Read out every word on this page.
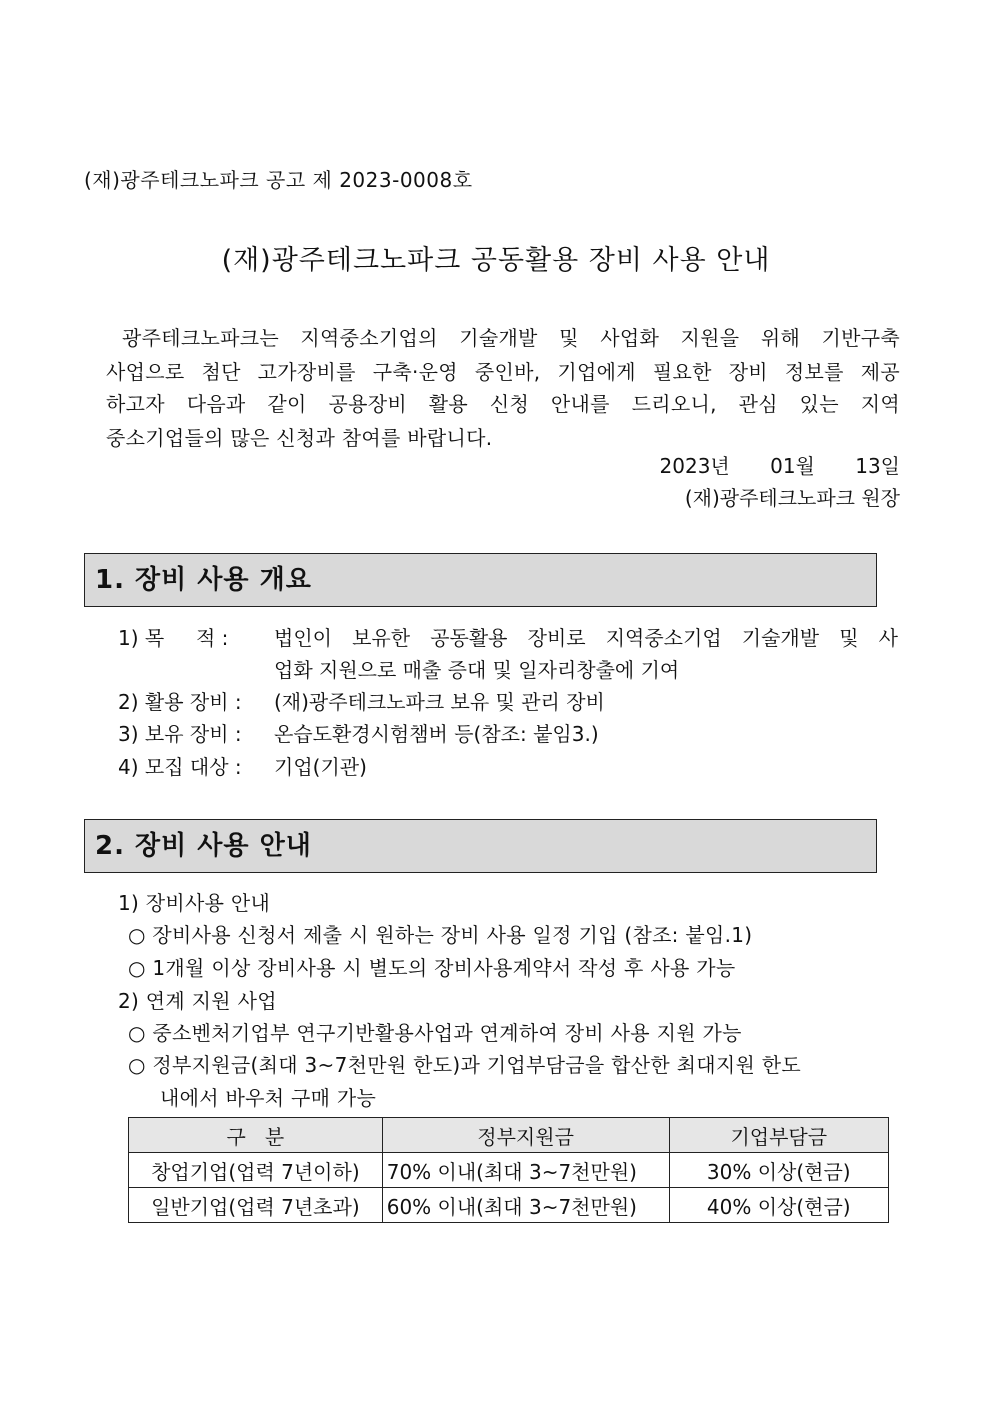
(재)광주테크노파크 공고 제 2023-0008호
(재)광주테크노파크 공동활용 장비 사용 안내

광주테크노파크는 지역중소기업의 기술개발 및 사업화 지원을 위해 기반구축

사업으로 첨단 고가장비를 구축·운영 중인바, 기업에게 필요한 장비 정보를 제공

하고자 다음과 같이 공용장비 활용 신청 안내를 드리오니, 관심 있는 지역

중소기업들의 많은 신청과 참여를 바랍니다.

2023년 01월 13일
(재)광주테크노파크 원장
1. 장비 사용 개요
1) 목     적 : 법인이 보유한 공동활용 장비로 지역중소기업 기술개발 및 사
업화 지원으로 매출 증대 및 일자리창출에 기여
2) 활용 장비 : (재)광주테크노파크 보유 및 관리 장비
3) 보유 장비 : 온습도환경시험챔버 등(참조: 붙임3.)
4) 모집 대상 : 기업(기관)
2. 장비 사용 안내
1) 장비사용 안내
○ 장비사용 신청서 제출 시 원하는 장비 사용 일정 기입 (참조: 붙임.1)
○ 1개월 이상 장비사용 시 별도의 장비사용계약서 작성 후 사용 가능
2) 연계 지원 사업
○ 중소벤처기업부 연구기반활용사업과 연계하여 장비 사용 지원 가능
○ 정부지원금(최대 3~7천만원 한도)과 기업부담금을 합산한 최대지원 한도
내에서 바우처 구매 가능
구   분	정부지원금	기업부담금
창업기업(업력 7년이하)	70% 이내(최대 3~7천만원)	30% 이상(현금)
일반기업(업력 7년초과)	60% 이내(최대 3~7천만원)	40% 이상(현금)
